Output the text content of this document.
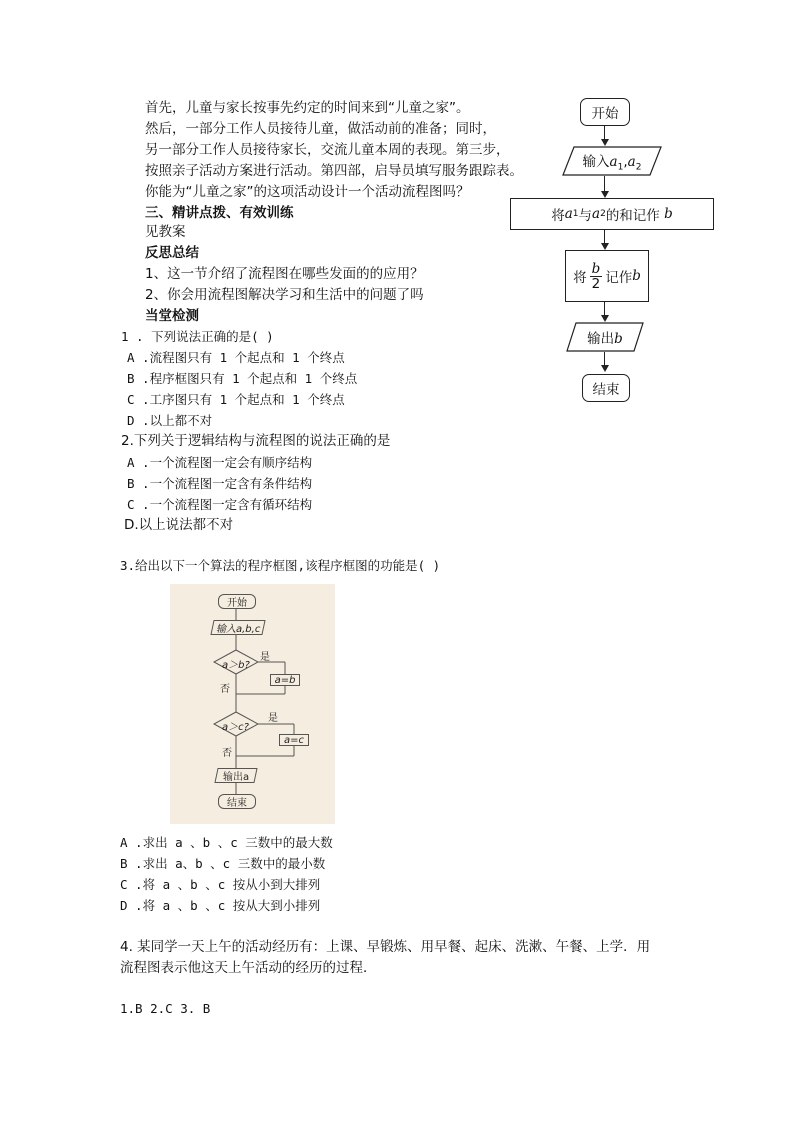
首先，儿童与家长按事先约定的时间来到“儿童之家”。
然后，一部分工作人员接待儿童，做活动前的准备；同时，
另一部分工作人员接待家长，交流儿童本周的表现。第三步，
按照亲子活动方案进行活动。第四部，启导员填写服务跟踪表。
你能为“儿童之家”的这项活动设计一个活动流程图吗？
三、精讲点拨、有效训练
见教案
反思总结
1、这一节介绍了流程图在哪些发面的的应用？
2、你会用流程图解决学习和生活中的问题了吗
当堂检测
1 . 下列说法正确的是( )
A .流程图只有 1 个起点和 1 个终点
B .程序框图只有 1 个起点和 1 个终点
C .工序图只有 1 个起点和 1 个终点
D .以上都不对
2.下列关于逻辑结构与流程图的说法正确的是
A .一个流程图一定会有顺序结构
B .一个流程图一定含有条件结构
C .一个流程图一定含有循环结构
D.以上说法都不对
3.给出以下一个算法的程序框图,该程序框图的功能是( )
开始
输入a,b,c
a＞b?
是
a=b
否
a＞c?
是
a=c
否
输出a
结束
A .求出 a 、b 、c 三数中的最大数
B .求出 a、b 、c 三数中的最小数
C .将 a 、b 、c 按从小到大排列
D .将 a 、b 、c 按从大到小排列
4. 某同学一天上午的活动经历有：上课、早锻炼、用早餐、起床、洗漱、午餐、上学．用
流程图表示他这天上午活动的经历的过程．
1.B 2.C 3. B
开始
输入$a_1,a_2$
将 a 1 与 a 2 的和记作
b
将 $\frac{b}{2}$ 记作 b
输出b
结束
